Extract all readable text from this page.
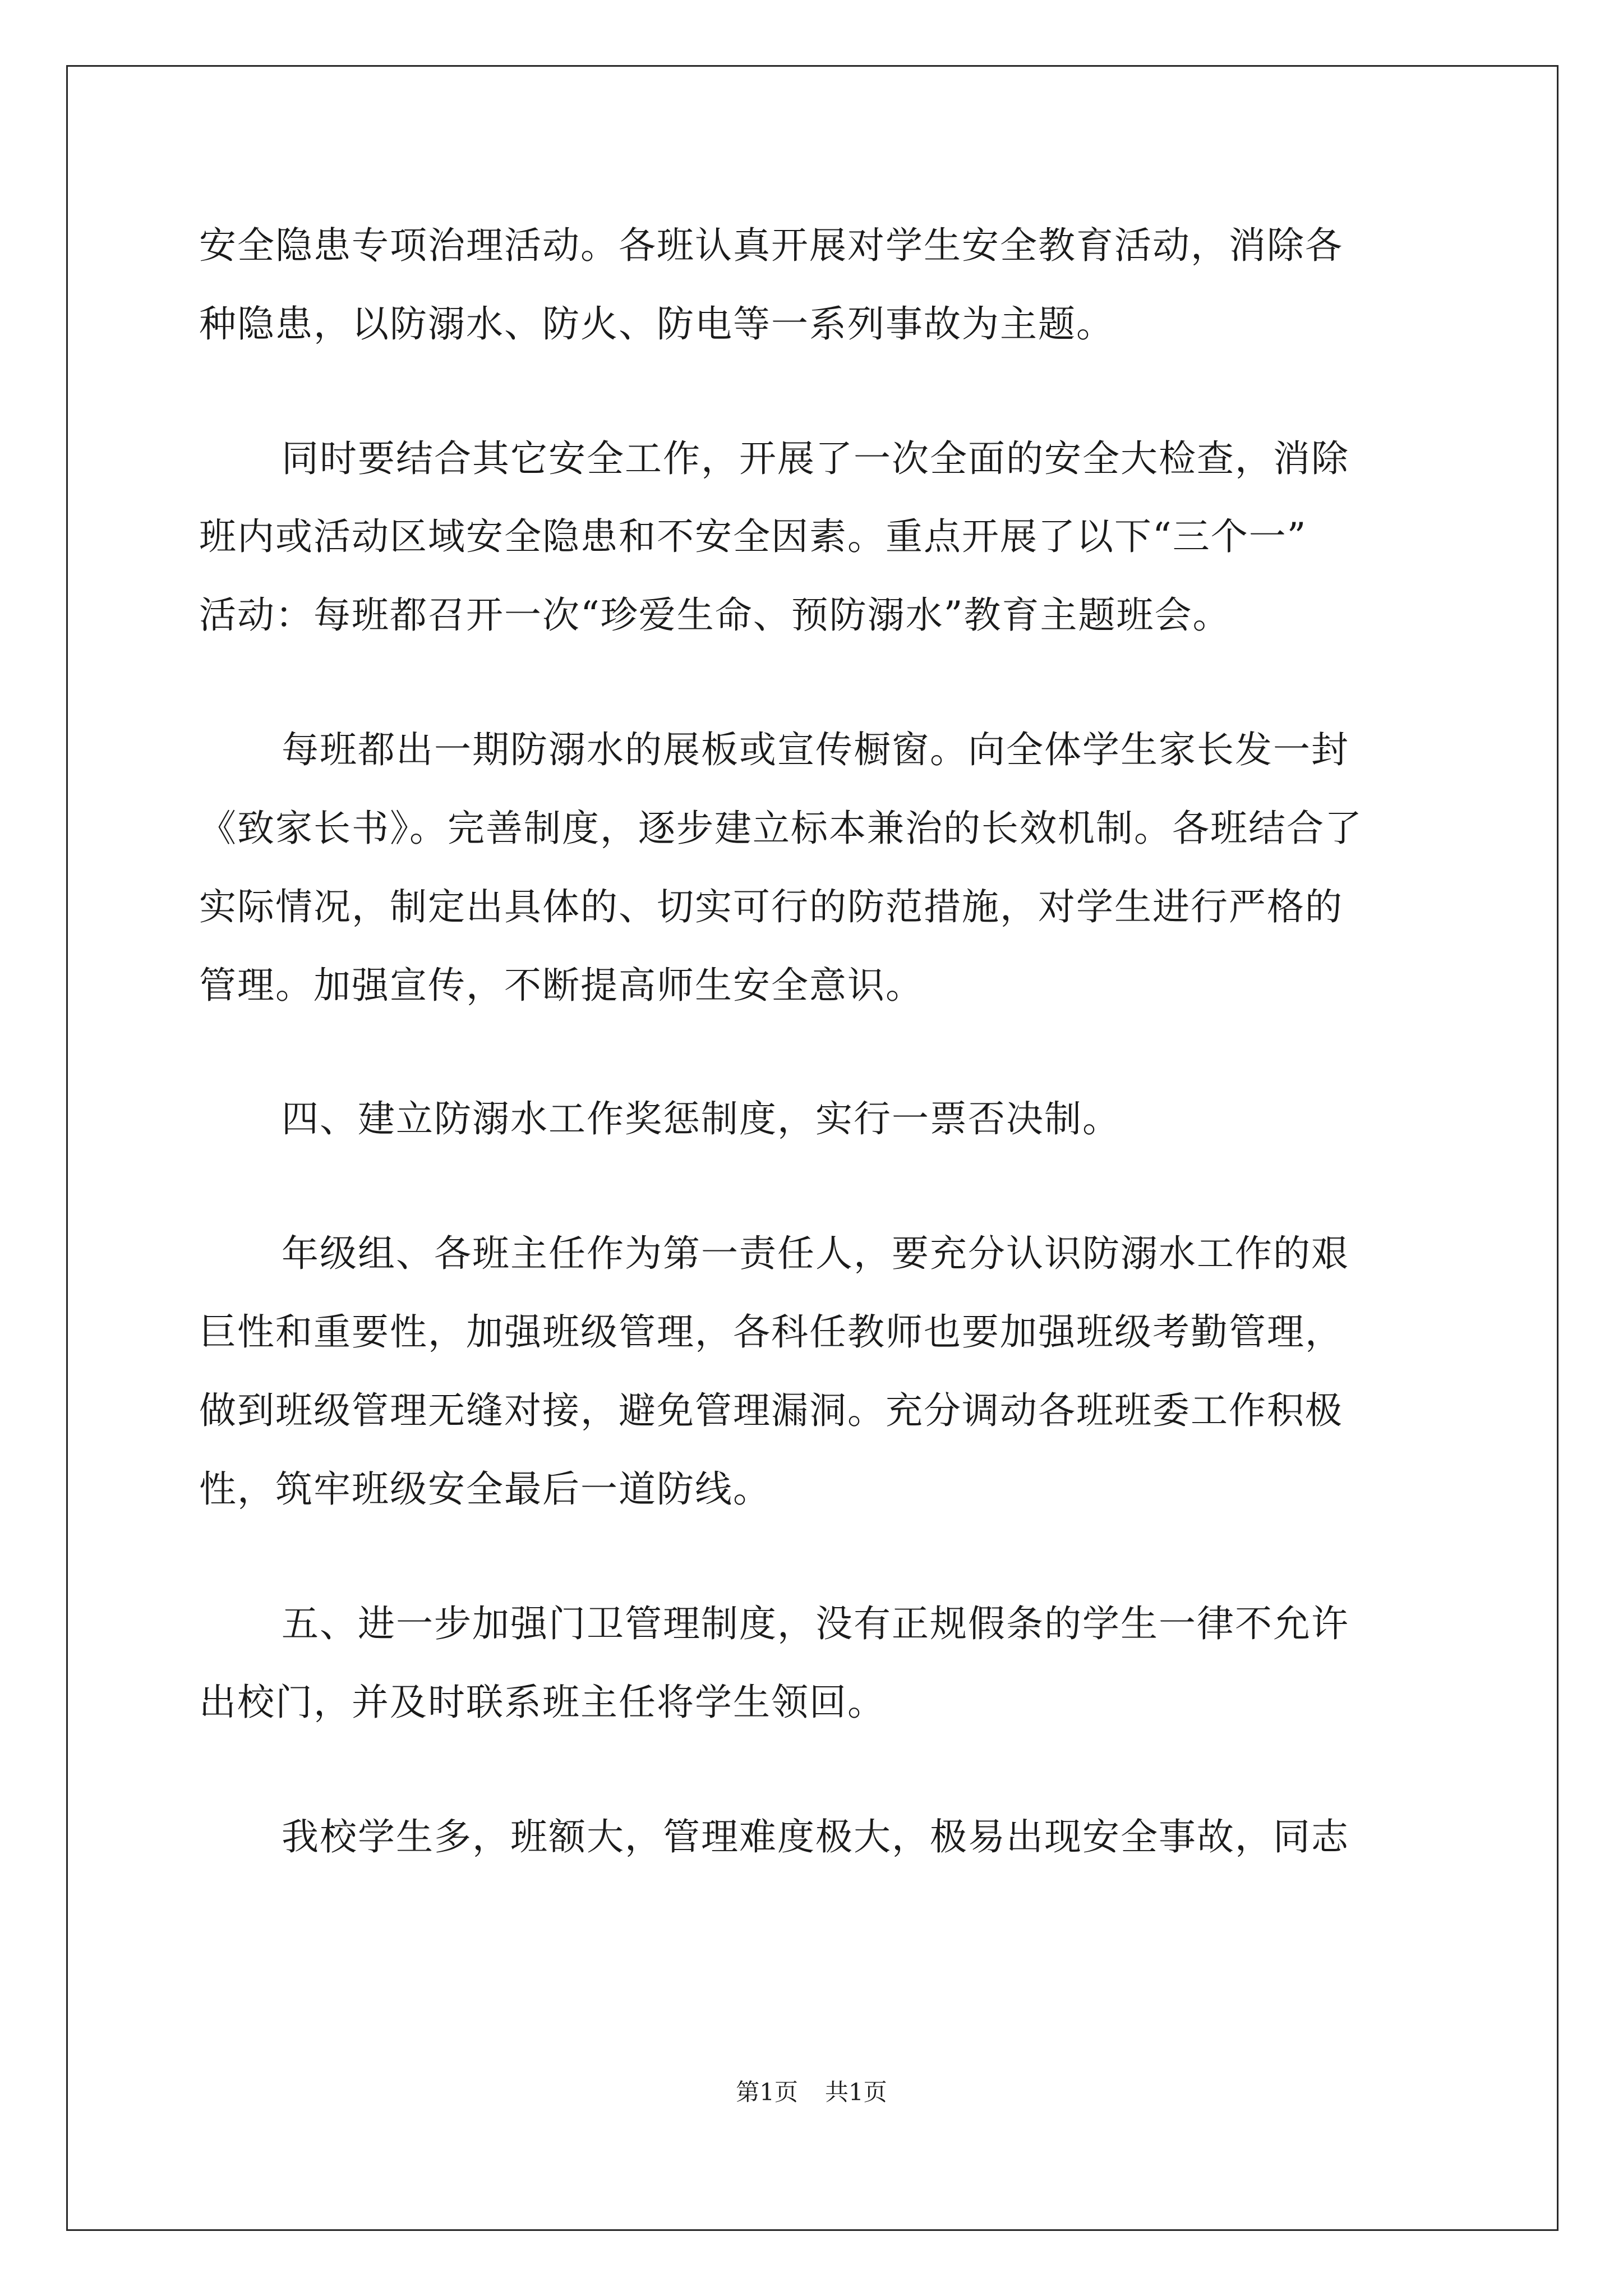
安全隐患专项治理活动。各班认真开展对学生安全教育活动，消除各
种隐患，以防溺水、防火、防电等一系列事故为主题。
同时要结合其它安全工作，开展了一次全面的安全大检查，消除
班内或活动区域安全隐患和不安全因素。重点开展了以下“三个一”
活动：每班都召开一次“珍爱生命、预防溺水”教育主题班会。
每班都出一期防溺水的展板或宣传橱窗。向全体学生家长发一封
《致家长书》。完善制度，逐步建立标本兼治的长效机制。各班结合了
实际情况，制定出具体的、切实可行的防范措施，对学生进行严格的
管理。加强宣传，不断提高师生安全意识。
四、建立防溺水工作奖惩制度，实行一票否决制。
年级组、各班主任作为第一责任人，要充分认识防溺水工作的艰
巨性和重要性，加强班级管理，各科任教师也要加强班级考勤管理，
做到班级管理无缝对接，避免管理漏洞。充分调动各班班委工作积极
性，筑牢班级安全最后一道防线。
五、进一步加强门卫管理制度，没有正规假条的学生一律不允许
出校门，并及时联系班主任将学生领回。
我校学生多，班额大，管理难度极大，极易出现安全事故，同志
第1页 共1页
